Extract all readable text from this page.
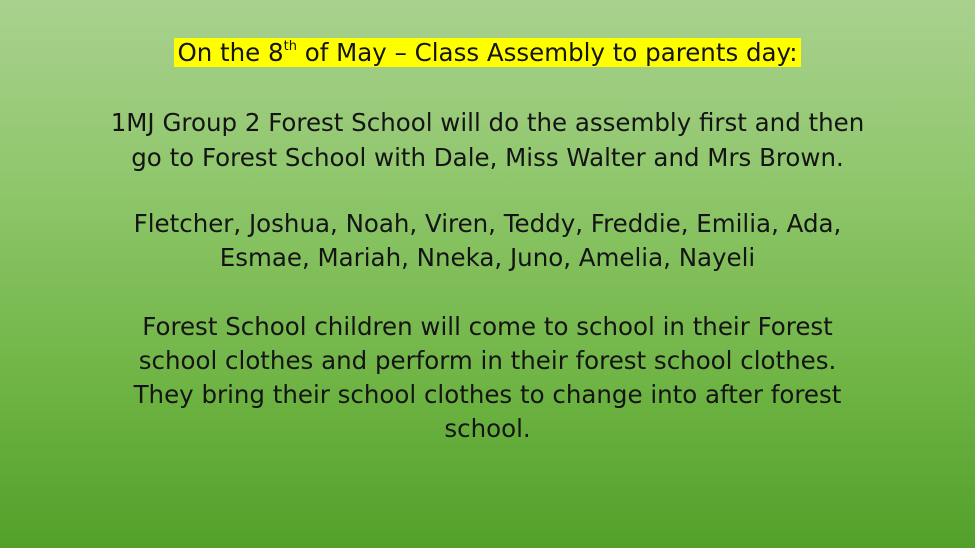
On the 8th of May – Class Assembly to parents day:
1MJ Group 2 Forest School will do the assembly first and then
go to Forest School with Dale, Miss Walter and Mrs Brown.
Fletcher, Joshua, Noah, Viren, Teddy, Freddie, Emilia, Ada,
Esmae, Mariah, Nneka, Juno, Amelia, Nayeli
Forest School children will come to school in their Forest
school clothes and perform in their forest school clothes.
They bring their school clothes to change into after forest
school.
